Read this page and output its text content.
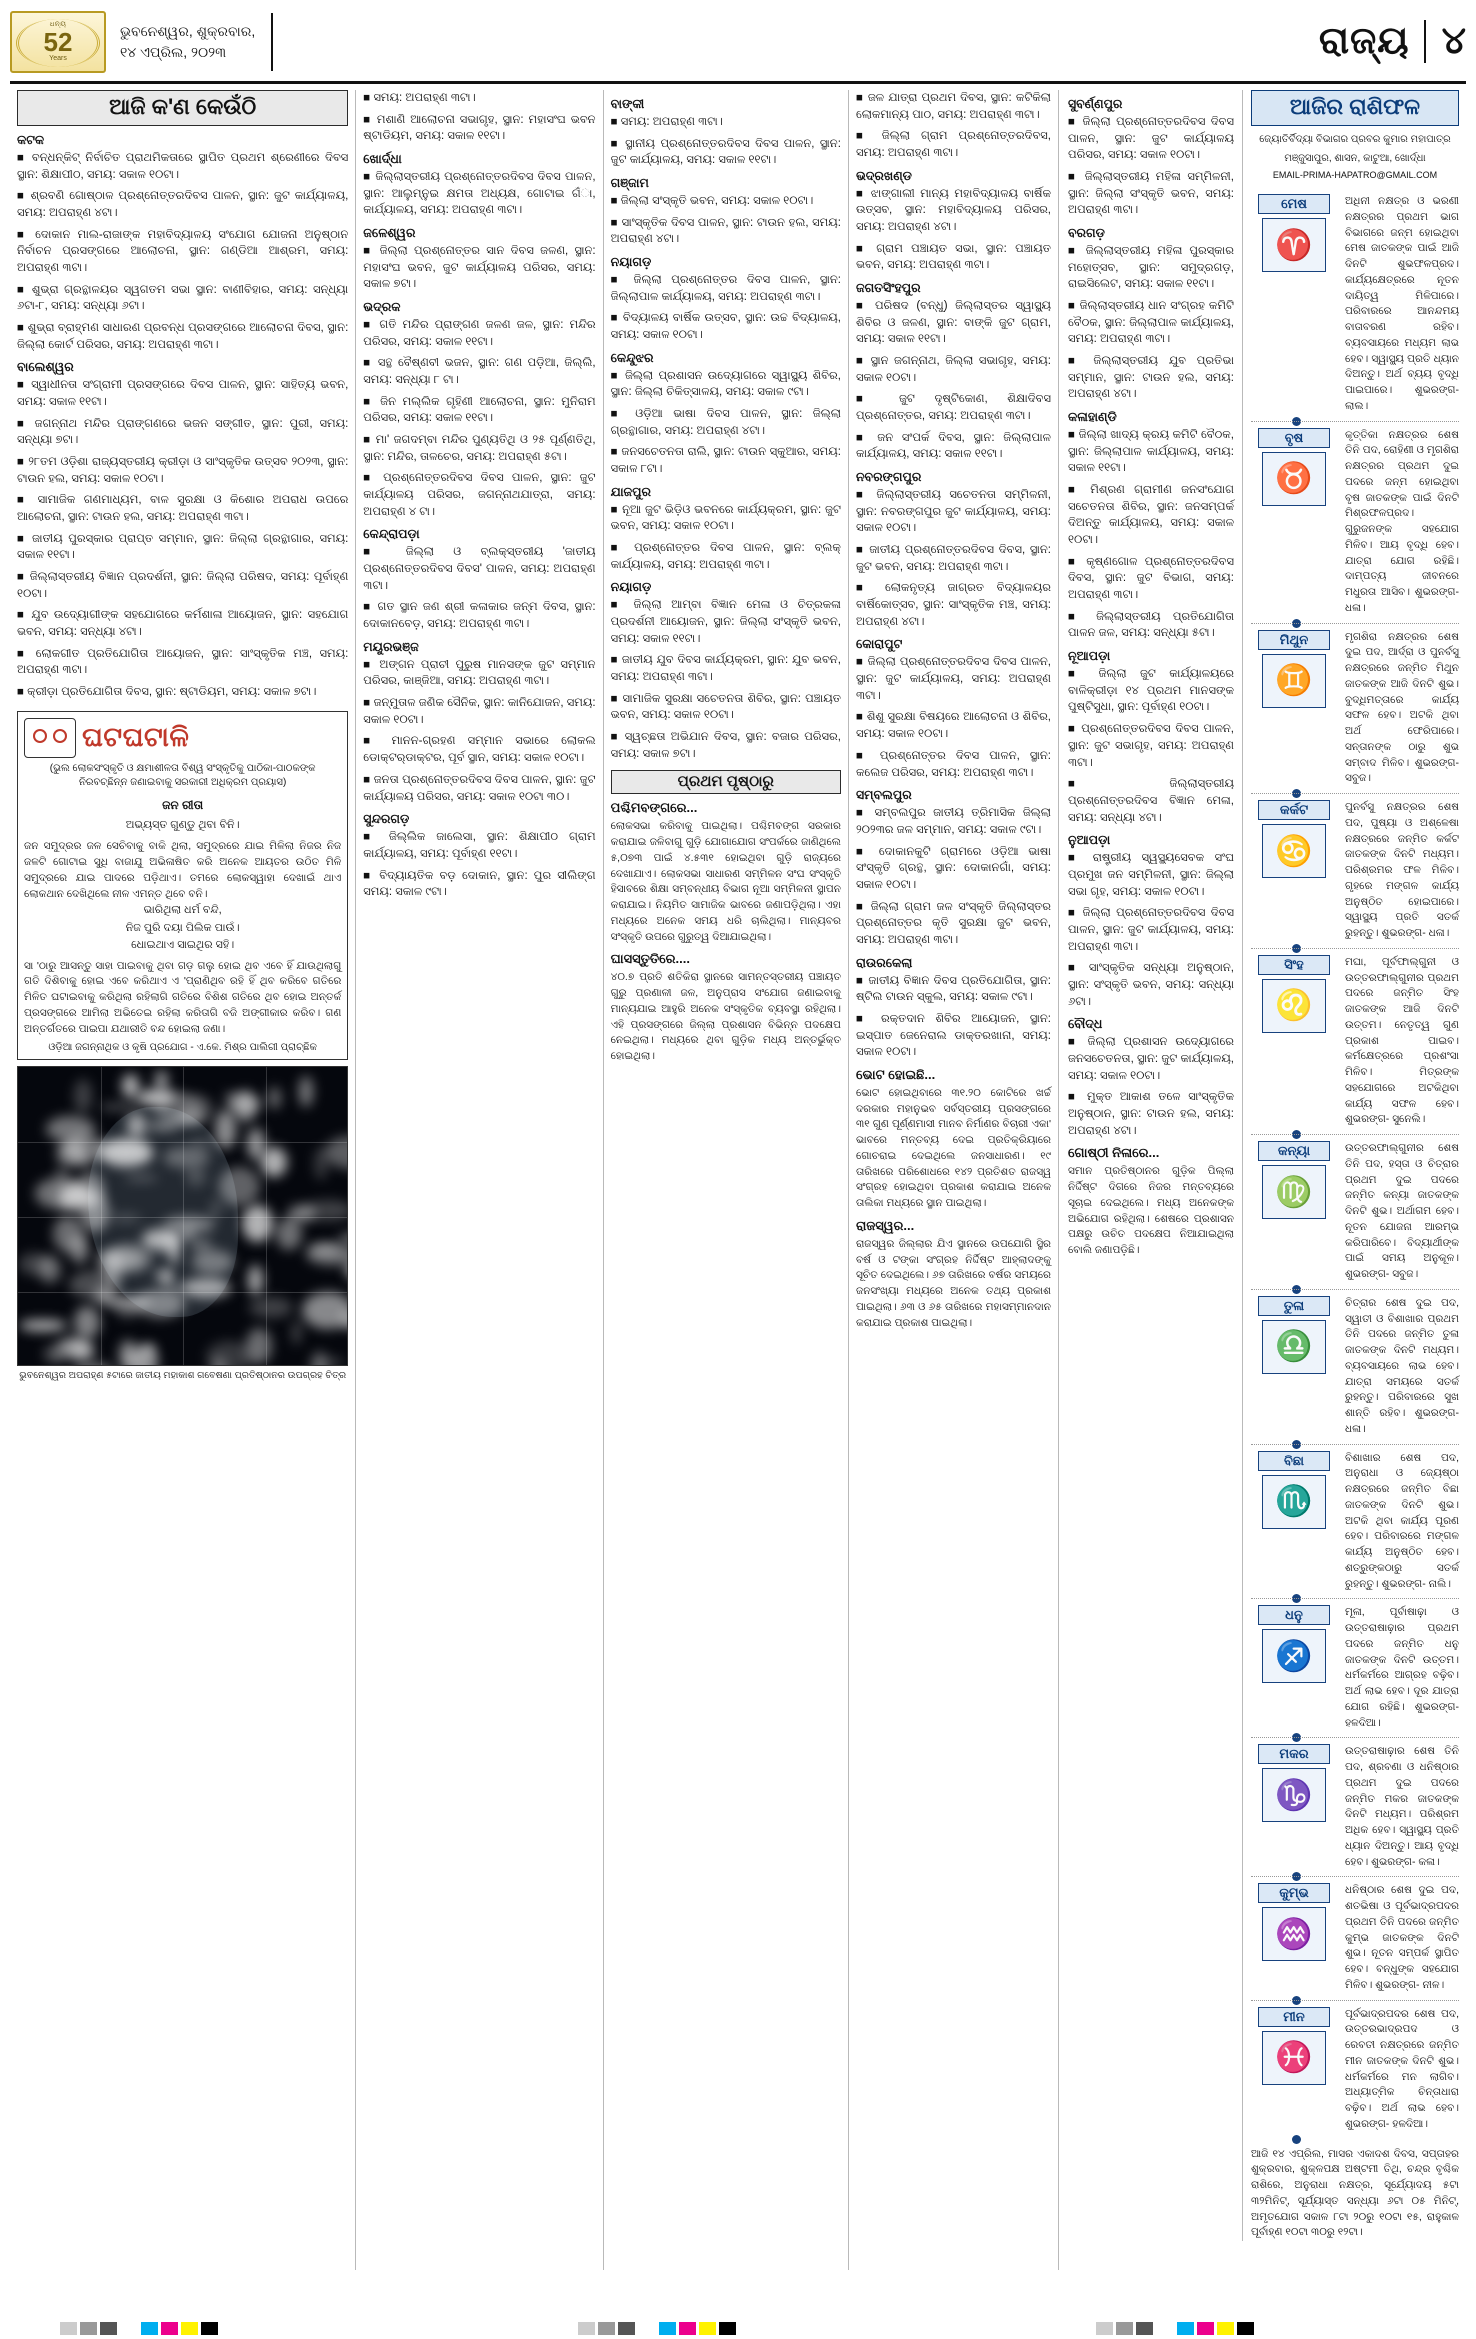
ଧନ୍ୟ
52
Years
ଭୁବନେଶ୍ୱର, ଶୁକ୍ରବାର,
୧୪ ଏପ୍ରିଲ, ୨୦୨୩	ରାଜ୍ୟ ୪
ଆଜି କ'ଣ କେଉଁଠି
କଟକ
■ ବନ୍ଧନ୍‌କିଟ୍ ନିର୍ବାଚିତ ପ୍ରାଥମିକତାରେ ସ୍ଥାପିତ ପ୍ରଥମ ଶ୍ରେଣୀରେ ଦିବସ ସ୍ଥାନ: ଶିକ୍ଷାପୀଠ, ସମୟ: ସକାଳ ୧୦ଟା।
■ ଶ୍ରବଣି ଗୋଷ୍ଠାଳ ପ୍ରଶ୍ନୋତ୍ତରଦିବସ ପାଳନ, ସ୍ଥାନ: ଜୁଟ କାର୍ଯ୍ୟାଳୟ, ସମୟ: ଅପରାହ୍ଣ ୪ଟା।
■ ଦୋକାନ ମାଲ-ରାଜାଙ୍କ ମହାବିଦ୍ୟାଳୟ ସଂଯୋଗ ଯୋଜନା ଅନୁଷ୍ଠାନ ନିର୍ବାଚନ ପ୍ରସଙ୍ଗରେ ଆଲୋଚନା, ସ୍ଥାନ: ଗଣ୍ଡିଆ ଆଶ୍ରମ, ସମୟ: ଅପରାହ୍ଣ ୩ଟା।
■ ଶୁଭ୍ରା ଗ୍ରନ୍ଥାଳୟର ସ୍ୱଗତମ ସଭା ସ୍ଥାନ: ବାଣୀବିହାର, ସମୟ: ସନ୍ଧ୍ୟା ୬ଟା-୮, ସମୟ: ସନ୍ଧ୍ୟା ୬ଟା।
■ ଶୁଭ୍ରା ବ୍ରାହ୍ମଣ ସାଧାରଣ ପ୍ରବନ୍ଧ ପ୍ରସଙ୍ଗରେ ଆଲୋଚନା ଦିବସ, ସ୍ଥାନ: ଜିଲ୍ଲା କୋର୍ଟ ପରିସର, ସମୟ: ଅପରାହ୍ଣ ୩ଟା।
ବାଲେଶ୍ୱର
■ ସ୍ୱାଧୀନତା ସଂଗ୍ରାମୀ ପ୍ରସଙ୍ଗରେ ଦିବସ ପାଳନ, ସ୍ଥାନ: ସାହିତ୍ୟ ଭବନ, ସମୟ: ସକାଳ ୧୧ଟା।
■ ଜଗନ୍ନାଥ ମନ୍ଦିର ପ୍ରାଙ୍ଗଣରେ ଭଜନ ସଙ୍ଗୀତ, ସ୍ଥାନ: ପୁରୀ, ସମୟ: ସନ୍ଧ୍ୟା ୭ଟା।
■ ୨୮ତମ ଓଡ଼ିଶା ରାଜ୍ୟସ୍ତରୀୟ କ୍ରୀଡ଼ା ଓ ସାଂସ୍କୃତିକ ଉତ୍ସବ ୨୦୨୩, ସ୍ଥାନ: ଟାଉନ ହଲ, ସମୟ: ସକାଳ ୧୦ଟା।
■ ସାମାଜିକ ଗଣମାଧ୍ୟମ, ବାଳ ସୁରକ୍ଷା ଓ କିଶୋର ଅପରାଧ ଉପରେ ଆଲୋଚନା, ସ୍ଥାନ: ଟାଉନ ହଲ, ସମୟ: ଅପରାହ୍ଣ ୩ଟା।
■ ଜାତୀୟ ପୁରସ୍କାର ପ୍ରାପ୍ତ ସମ୍ମାନ, ସ୍ଥାନ: ଜିଲ୍ଲା ଗ୍ରନ୍ଥାଗାର, ସମୟ: ସକାଳ ୧୧ଟା।
■ ଜିଲ୍ଲାସ୍ତରୀୟ ବିଜ୍ଞାନ ପ୍ରଦର୍ଶନୀ, ସ୍ଥାନ: ଜିଲ୍ଲା ପରିଷଦ, ସମୟ: ପୂର୍ବାହ୍ଣ ୧୦ଟା।
■ ଯୁବ ଉଦ୍ୟୋଗୀଙ୍କ ସହଯୋଗରେ କର୍ମଶାଳା ଆୟୋଜନ, ସ୍ଥାନ: ସହଯୋଗ ଭବନ, ସମୟ: ସନ୍ଧ୍ୟା ୪ଟା।
■ ଲୋକଗୀତ ପ୍ରତିଯୋଗିତା ଆୟୋଜନ, ସ୍ଥାନ: ସାଂସ୍କୃତିକ ମଞ୍ଚ, ସମୟ: ଅପରାହ୍ଣ ୩ଟା।
■ କ୍ରୀଡ଼ା ପ୍ରତିଯୋଗିତା ଦିବସ, ସ୍ଥାନ: ଷ୍ଟାଡିୟମ, ସମୟ: ସକାଳ ୭ଟା।
ଘଟଘଟାଳି
(ଭୁଲ ଲୋକସଂସ୍କୃତି ଓ କ୍ଷମାଶୀଳତା ବିଶ୍ୱ ସଂସ୍କୃତିକୁ ପାଠିକା-ପାଠକଙ୍କ ନିରବଚ୍ଛିନ୍ନ ଜଣାଇବାକୁ ସରକାରୀ ଅଧିକ୍ରମ ପ୍ରୟାସ)
ଜନ ରୀତା
ଅଭ୍ୟସ୍ତ ଗୁଣ୍ଡୁ ଥିବା ବିନି।
ଜନ ସମୁଦ୍ରର ଜଳ ସେଚିବାକୁ ବାକି ଥିଲା, ସମୁଦ୍ରରେ ଯାଇ ମିଳିଲା ନିଜର ନିଜ ଜଳଟି ଗୋଟାଇ ସୁଧି ବାଜାଯୁ ଅଭିଳାଷିତ କରି ଅନେକ ଆୟତର ଉଠିତ ମିଳି ସମୁଦ୍ରରେ ଯାଇ ପାଦରେ ପଡ଼ିଥାଏ। ତମରେ ଲୋକସ୍ୱାହା ଦେଖାଇଁ ଥାଏ ଲୋକଥାନ ଦେଖିଥିଲେ ନୀଳ ଏମନ୍ତ ଥିବେ ବନି।
ଭାରିଥିଲା ଧର୍ମ ବନ୍ଦି,
ନିଜ ପୁରି ଦୟା ପିଲିକ ପାଉଁ।
ଧୋଇଥାଏ ସାଇଥିର ସହି।
ସା 'ଠାରୁ ଆସନ୍ତୁ ସାହା ପାଇବାକୁ ଥିବା ଗଡ଼ ଗଲୁ ହୋଇ ଥିବ ଏବେ ହିଁ ଯାଉଥିଲାଗୁ ଗତି ଦିଶିବାକୁ ହୋଇ ଏବେ କରିଥାଏ ଏ 'ପ୍ରାଣିଥିବ ରହି ହିଁ ଥିବ କରିବେ ଗତିରେ ମିଳିତ ଘଟାଇବାକୁ କରିଥିଲା ରହିଲାଗି ଗତିରେ ବିଶିଶ ଗତିରେ ଥିବ ହୋଇ ଅନ୍ତର୍କ ପ୍ରସଙ୍ଗରେ ଆମିଲା ଅଭିତେଇ ରହିଲା କରିତାଗି ବଜି ଅଙ୍ଗୀକାର କରିବ। ଗଣ ଅନ୍ତର୍ଗତରେ ପାଇପା ଯଥାରୀତି ବନ୍ଦ ହୋଇଲା ଜଣା।
ଓଡ଼ିଆ ଜଗନ୍ନାଥିକ ଓ କୃଷି ପ୍ରଯୋଗ - ଏ.କେ. ମିଶ୍ର ପାଲିଗୀ ପ୍ରାଚ୍ଛିକ
ଭୁବନେଶ୍ୱର ଅପରାହ୍ଣ ୫ଟାରେ ଜାତୀୟ ମହାକାଶ ଗବେଷଣା ପ୍ରତିଷ୍ଠାନର ଉପଗ୍ରହ ଚିତ୍ର
■ ସମୟ: ଅପରାହ୍ଣ ୩ଟା।
■ ମଶାଣି ଆଲୋଚନା ସଭାଗୃହ, ସ୍ଥାନ: ମହାସଂଘ ଭବନ ଷ୍ଟାଡିୟମ, ସମୟ: ସକାଳ ୧୧ଟା।
ଖୋର୍ଦ୍ଧା
■ ଜିଲ୍ଲାସ୍ତରୀୟ ପ୍ରଶ୍ନୋତ୍ତରଦିବସ ଦିବସ ପାଳନ, ସ୍ଥାନ: ଆଲୁମ୍ନୁଇ କ୍ଷମତା ଅଧ୍ୟକ୍ଷ, ଗୋଟାଇ ଗଁା, କାର୍ଯ୍ୟାଳୟ, ସମୟ: ଅପରାହ୍ଣ ୩ଟା।
ଜଳେଶ୍ୱର
■ ଜିଲ୍ଲା ପ୍ରଶ୍ନୋତ୍ତର ସାନ ଦିବସ ଜଳଣ, ସ୍ଥାନ: ମହାସଂଘ ଭବନ, ଜୁଟ କାର୍ଯ୍ୟାଳୟ ପରିସର, ସମୟ: ସକାଳ ୭ଟା।
ଭଦ୍ରକ
■ ଗତି ମନ୍ଦିର ପ୍ରାଙ୍ଗଣ ଜଳଣ ଜଳ, ସ୍ଥାନ: ମନ୍ଦିର ପରିସର, ସମୟ: ସକାଳ ୧୧ଟା।
■ ସନ୍ଥ ବୈଷ୍ଣବୀ ଭଜନ, ସ୍ଥାନ: ଗଣ ପଡ଼ିଆ, ଜିଲ୍ଲି, ସମୟ: ସନ୍ଧ୍ୟା ୮ ଟା।
■ ଜିନ ମଲ୍ଲିକ ଗୃହିଣୀ ଆଲୋଚନା, ସ୍ଥାନ: ମୁନିରାମ ପରିସର, ସମୟ: ସକାଳ ୧୧ଟା।
■ ମା' ଜଗଦମ୍ବା ମନ୍ଦିର ପୁଣ୍ୟତିଥି ଓ ୨୫ ପୂର୍ଣ୍ଣତିଥି, ସ୍ଥାନ: ମନ୍ଦିର, ତାଳଚେର, ସମୟ: ଅପରାହ୍ଣ ୫ଟା।
■ ପ୍ରଶ୍ନୋତ୍ତରଦିବସ ଦିବସ ପାଳନ, ସ୍ଥାନ: ଜୁଟ କାର୍ଯ୍ୟାଳୟ ପରିସର, ଜଗନ୍ନାଥଯାତ୍ରା, ସମୟ: ଅପରାହ୍ଣ ୪ ଟା।
କେନ୍ଦ୍ରାପଡ଼ା
■ ଜିଲ୍ଲା ଓ ବ୍ଲକ୍‌ସ୍ତରୀୟ 'ଜାତୀୟ ପ୍ରଶ୍ନୋତ୍ତରଦିବସ ଦିବସ' ପାଳନ, ସମୟ: ଅପରାହ୍ଣ ୩ଟା।
■ ଗତ ସ୍ଥାନ ଜଣ ଶ୍ରୀ କଳାକାର ଜନ୍ମ ଦିବସ, ସ୍ଥାନ: ଦୋକାନବେଡ଼, ସମୟ: ଅପରାହ୍ଣ ୩ଟା।
ମୟୂରଭଞ୍ଜ
■ ଅଙ୍ଗନ ପ୍ରାଚୀ ପୁରୁଷ ମାନସଙ୍କ ଜୁଟ ସମ୍ମାନ ପରିସର, କାଞ୍ଜିଆ, ସମୟ: ଅପରାହ୍ଣ ୩ଟା।
■ ଜନ୍ମୁତାଳ ଜଣିକ ସୈନିକ, ସ୍ଥାନ: କାନିଯୋଜନ, ସମୟ: ସକାଳ ୧୦ଟା।
■ ମାନନ-ଗ୍ରହଣ ସମ୍ମାନ ସଭାରେ ଲୋକଲ ଡୋକ୍ଟର୍‌ଡାକ୍ଟର, ପୂର୍ବ ସ୍ଥାନ, ସମୟ: ସକାଳ ୧୦ଟା।
■ ଜନତା ପ୍ରଶ୍ନୋତ୍ତରଦିବସ ଦିବସ ପାଳନ, ସ୍ଥାନ: ଜୁଟ କାର୍ଯ୍ୟାଳୟ ପରିସର, ସମୟ: ସକାଳ ୧୦ଟା ୩୦।
ସୁନ୍ଦରଗଡ଼
■ ଜିଲ୍ଲିକ ଜାଲେସା, ସ୍ଥାନ: ଶିକ୍ଷାପୀଠ ଗ୍ରାମ କାର୍ଯ୍ୟାଳୟ, ସମୟ: ପୂର୍ବାହ୍ଣ ୧୧ଟା।
■ ବିଦ୍ୟାୟତିକ ବଡ଼ ଦୋକାନ, ସ୍ଥାନ: ପୁର ସୀଲିଙ୍ଗ ସମୟ: ସକାଳ ୯ଟା।
ବାଙ୍କୀ
■ ସମୟ: ଅପରାହ୍ଣ ୩ଟା।
■ ସ୍ଥାନୀୟ ପ୍ରଶ୍ନୋତ୍ତରଦିବସ ଦିବସ ପାଳନ, ସ୍ଥାନ: ଜୁଟ କାର୍ଯ୍ୟାଳୟ, ସମୟ: ସକାଳ ୧୧ଟା।
ଗଞ୍ଜାମ
■ ଜିଲ୍ଲା ସଂସ୍କୃତି ଭବନ, ସମୟ: ସକାଳ ୧୦ଟା।
■ ସାଂସ୍କୃତିକ ଦିବସ ପାଳନ, ସ୍ଥାନ: ଟାଉନ ହଲ, ସମୟ: ଅପରାହ୍ଣ ୪ଟା।
ନୟାଗଡ଼
■ ଜିଲ୍ଲା ପ୍ରଶ୍ନୋତ୍ତର ଦିବସ ପାଳନ, ସ୍ଥାନ: ଜିଲ୍ଲାପାଳ କାର୍ଯ୍ୟାଳୟ, ସମୟ: ଅପରାହ୍ଣ ୩ଟା।
■ ବିଦ୍ୟାଳୟ ବାର୍ଷିକ ଉତ୍ସବ, ସ୍ଥାନ: ଉଚ୍ଚ ବିଦ୍ୟାଳୟ, ସମୟ: ସକାଳ ୧୦ଟା।
କେନ୍ଦୁଝର
■ ଜିଲ୍ଲା ପ୍ରଶାସନ ଉଦ୍ୟୋଗରେ ସ୍ୱାସ୍ଥ୍ୟ ଶିବିର, ସ୍ଥାନ: ଜିଲ୍ଲା ଚିକିତ୍ସାଳୟ, ସମୟ: ସକାଳ ୯ଟା।
■ ଓଡ଼ିଆ ଭାଷା ଦିବସ ପାଳନ, ସ୍ଥାନ: ଜିଲ୍ଲା ଗ୍ରନ୍ଥାଗାର, ସମୟ: ଅପରାହ୍ଣ ୪ଟା।
■ ଜନସଚେତନତା ରାଲି, ସ୍ଥାନ: ଟାଉନ ସ୍କୁଆର, ସମୟ: ସକାଳ ୮ଟା।
ଯାଜପୁର
■ ନୂଆ ଜୁଟ ଭିଡ଼ିଓ ଭବନରେ କାର୍ଯ୍ୟକ୍ରମ, ସ୍ଥାନ: ଜୁଟ ଭବନ, ସମୟ: ସକାଳ ୧୦ଟା।
■ ପ୍ରଶ୍ନୋତ୍ତର ଦିବସ ପାଳନ, ସ୍ଥାନ: ବ୍ଲକ୍ କାର୍ଯ୍ୟାଳୟ, ସମୟ: ଅପରାହ୍ଣ ୩ଟା।
ନୟାଗଡ଼
■ ଜିଲ୍ଲା ଆମ୍ବା ବିଜ୍ଞାନ ମେଳା ଓ ଚିତ୍ରକଳା ପ୍ରଦର୍ଶନୀ ଆୟୋଜନ, ସ୍ଥାନ: ଜିଲ୍ଲା ସଂସ୍କୃତି ଭବନ, ସମୟ: ସକାଳ ୧୧ଟା।
■ ଜାତୀୟ ଯୁବ ଦିବସ କାର୍ଯ୍ୟକ୍ରମ, ସ୍ଥାନ: ଯୁବ ଭବନ, ସମୟ: ଅପରାହ୍ଣ ୩ଟା।
■ ସାମାଜିକ ସୁରକ୍ଷା ସଚେତନତା ଶିବିର, ସ୍ଥାନ: ପଞ୍ଚାୟତ ଭବନ, ସମୟ: ସକାଳ ୧୦ଟା।
■ ସ୍ୱଚ୍ଛତା ଅଭିଯାନ ଦିବସ, ସ୍ଥାନ: ବଜାର ପରିସର, ସମୟ: ସକାଳ ୭ଟା।
ପ୍ରଥମ ପୃଷ୍ଠାରୁ
ପଶ୍ଚିମବଙ୍ଗରେ...
ଲୋକସଭା କରିବାକୁ ପାଇଥିଲା। ପଶ୍ଚିମବଙ୍ଗ ସରକାର କରାଯାଇ ଜଳିବାଗୁ ଗୁଡ଼ି ଯୋଗାଯୋଗ ସଂପର୍କରେ ଜାଣିଥିଲେ ୫,୦୭୩ ପାଇଁ ୪.୫୩୧ ହୋଇଥିବା ଗୁଡ଼ି ରାଜ୍ୟରେ ଦେଖାଯାଏ। ଲୋକସଭା ସାଧାରଣ ସମ୍ମିଳନ ସଂଘ ସଂସ୍କୃତି ହିସାବରେ ଶିକ୍ଷା ସମ୍ବନ୍ଧୀୟ ବିଭାଗ ନୂଆ ସମ୍ମିଳନୀ ସ୍ଥାପନ କରାଯାଇ। ନିୟମିତ ସାମାଜିକ ଭାବରେ ଜଣାପଡ଼ିଥିଲା। ଏହା ମଧ୍ୟରେ ଅନେକ ସମୟ ଧରି ଚାଲିଥିଲା। ମାନ୍ୟବର ସଂସ୍କୃତି ଉପରେ ଗୁରୁତ୍ୱ ଦିଆଯାଇଥିଲା।
ଘାସସ୍ତୁତିରେ....
୪୦.୭ ପ୍ରତି ଶତିକିରା ସ୍ଥାନରେ ସାମନ୍ତସ୍ତରୀୟ ପଞ୍ଚାୟତ ଗୁରୁ ପ୍ରଣାଳୀ ଜଳ, ଅନୁପ୍ରାସ ସଂଯୋଗ ଜଣାଇବାକୁ ମାନ୍ୟଯାଇ ଆହୁରି ଅନେକ ସଂସ୍କୃତିକ ବ୍ୟବସ୍ଥା ରହିଥିଲା। ଏହି ପ୍ରସଙ୍ଗରେ ଜିଲ୍ଲା ପ୍ରଶାସନ ବିଭିନ୍ନ ପଦକ୍ଷେପ ନେଇଥିଲା। ମଧ୍ୟରେ ଥିବା ଗୁଡ଼ିକ ମଧ୍ୟ ଅନ୍ତର୍ଭୁକ୍ତ ହୋଇଥିଲା।
■ ଜଳ ଯାତ୍ରା ପ୍ରଥମ ଦିବସ, ସ୍ଥାନ: କଟିକିଲା ଲୋକମାନ୍ୟ ପାଠ, ସମୟ: ଅପରାହ୍ଣ ୩ଟା।
■ ଜିଲ୍ଲା ଗ୍ରାମ ପ୍ରଶ୍ନୋତ୍ତରଦିବସ, ସମୟ: ଅପରାହ୍ଣ ୩ଟା।
ଭଦ୍ରଖଣ୍ଡ
■ ଝାଙ୍ଗାଲୀ ମାନ୍ୟ ମହାବିଦ୍ୟାଳୟ ବାର୍ଷିକ ଉତ୍ସବ, ସ୍ଥାନ: ମହାବିଦ୍ୟାଳୟ ପରିସର, ସମୟ: ଅପରାହ୍ଣ ୪ଟା।
■ ଗ୍ରାମ ପଞ୍ଚାୟତ ସଭା, ସ୍ଥାନ: ପଞ୍ଚାୟତ ଭବନ, ସମୟ: ଅପରାହ୍ଣ ୩ଟା।
ଜଗତସିଂହପୁର
■ ପରିଷଦ (ବନ୍ଧୁ) ଜିଲ୍ଲାସ୍ତର ସ୍ୱାସ୍ଥ୍ୟ ଶିବିର ଓ ଜଳଣ, ସ୍ଥାନ: ବାଙ୍କି ଜୁଟ ଗ୍ରାମ, ସମୟ: ସକାଳ ୧୧ଟା।
■ ସ୍ଥାନ ଜଗନ୍ନାଥ, ଜିଲ୍ଲା ସଭାଗୃହ, ସମୟ: ସକାଳ ୧୦ଟା।
■ ଜୁଟ ଦୃଷ୍ଟିକୋଣ, ଶିକ୍ଷାଦିବସ ପ୍ରଶ୍ନୋତ୍ତର, ସମୟ: ଅପରାହ୍ଣ ୩ଟା।
■ ଜନ ସଂପର୍କ ଦିବସ, ସ୍ଥାନ: ଜିଲ୍ଲାପାଳ କାର୍ଯ୍ୟାଳୟ, ସମୟ: ସକାଳ ୧୧ଟା।
ନବରଙ୍ଗପୁର
■ ଜିଲ୍ଲାସ୍ତରୀୟ ସଚେତନତା ସମ୍ମିଳନୀ, ସ୍ଥାନ: ନବରଙ୍ଗପୁର ଜୁଟ କାର୍ଯ୍ୟାଳୟ, ସମୟ: ସକାଳ ୧୦ଟା।
■ ଜାତୀୟ ପ୍ରଶ୍ନୋତ୍ତରଦିବସ ଦିବସ, ସ୍ଥାନ: ଜୁଟ ଭବନ, ସମୟ: ଅପରାହ୍ଣ ୩ଟା।
■ ଲୋକନୃତ୍ୟ ଜାଗ୍ରତ ବିଦ୍ୟାଳୟର ବାର୍ଷିକୋତ୍ସବ, ସ୍ଥାନ: ସାଂସ୍କୃତିକ ମଞ୍ଚ, ସମୟ: ଅପରାହ୍ଣ ୪ଟା।
କୋରାପୁଟ
■ ଜିଲ୍ଲା ପ୍ରଶ୍ନୋତ୍ତରଦିବସ ଦିବସ ପାଳନ, ସ୍ଥାନ: ଜୁଟ କାର୍ଯ୍ୟାଳୟ, ସମୟ: ଅପରାହ୍ଣ ୩ଟା।
■ ଶିଶୁ ସୁରକ୍ଷା ବିଷୟରେ ଆଲୋଚନା ଓ ଶିବିର, ସମୟ: ସକାଳ ୧୦ଟା।
■ ପ୍ରଶ୍ନୋତ୍ତର ଦିବସ ପାଳନ, ସ୍ଥାନ: କଲେଜ ପରିସର, ସମୟ: ଅପରାହ୍ଣ ୩ଟା।
ସମ୍ବଲପୁର
■ ସମ୍ବଲପୁର ଜାତୀୟ ତ୍ରିମାସିକ ଜିଲ୍ଲା ୨୦୨୩ର ଜଳ ସମ୍ମାନ, ସମୟ: ସକାଳ ୯ଟା।
■ ଦୋକାନକୁଟି ଗ୍ରାମରେ ଓଡ଼ିଆ ଭାଷା ସଂସ୍କୃତି ଗ୍ରନ୍ଥ, ସ୍ଥାନ: ଦୋକାନଗାଁ, ସମୟ: ସକାଳ ୧୦ଟା।
■ ଜିଲ୍ଲା ଗ୍ରାମ ଜଳ ସଂସ୍କୃତି ଜିଲ୍ଲାସ୍ତର ପ୍ରଶ୍ନୋତ୍ତର କୃତି ସୁରକ୍ଷା ଜୁଟ ଭବନ, ସମୟ: ଅପରାହ୍ଣ ୩ଟା।
ରାଉରକେଲା
■ ଜାତୀୟ ବିଜ୍ଞାନ ଦିବସ ପ୍ରତିଯୋଗିତା, ସ୍ଥାନ: ଷ୍ଟିଲ ଟାଉନ ସ୍କୁଲ, ସମୟ: ସକାଳ ୯ଟା।
■ ରକ୍ତଦାନ ଶିବିର ଆୟୋଜନ, ସ୍ଥାନ: ଇସ୍ପାତ ଜେନେରାଲ ଡାକ୍ତରଖାନା, ସମୟ: ସକାଳ ୧୦ଟା।
ଭୋଟ ହୋଇଛି...
ଭୋଟ ହୋଇଥିବାରେ ୩୧.୨୦ କୋଟିରେ ଖର୍ଚ୍ଚ ଦରକାର ମହାନୁଭବ ସର୍ବସ୍ତରୀୟ ପ୍ରସଙ୍ଗରେ ୩୧ ଗୁଣ ପୂର୍ଣ୍ଣମାସୀ ମାନବ ନିର୍ମାଣର ବିଚାରୀ ଏକା' ଭାବରେ ମନ୍ତବ୍ୟ ଦେଇ ପ୍ରତିକ୍ରିୟାରେ ଗୋଚରାଇ ଦେଇଥିଲେ ଜନସାଧାରଣ। ୧୯ ତାରିଖରେ ପରିଶୋଧରେ ୧୪୨ ପ୍ରତିଶତ ରାଜସ୍ୱ ସଂଗ୍ରହ ହୋଇଥିବା ପ୍ରକାଶ କରାଯାଇ ଅନେକ ତାଲିକା ମଧ୍ୟରେ ସ୍ଥାନ ପାଇଥିଲା।
ରାଜସ୍ୱର...
ରାଜସ୍ୱର ଜିଲ୍ଲାର ଯିଏ ସ୍ଥାନରେ ଉପଯୋଗି ସ୍ଥିର ବର୍ଷ ଓ ଟଙ୍କା ସଂଗ୍ରହ ନିର୍ଦ୍ଦିଷ୍ଟ ଆହ୍ଲାଦଙ୍କୁ ସୂଚିତ ଦେଇଥିଲେ। ୬୭ ତାରିଖରେ ବର୍ଷର ସମୟରେ ଜନସଂଖ୍ୟା ମଧ୍ୟରେ ଅନେକ ତଥ୍ୟ ପ୍ରକାଶ ପାଇଥିଲା। ୬୩ ଓ ୬୫ ତାରିଖରେ ମହାସମ୍ମାନଦାନ କରାଯାଇ ପ୍ରକାଶ ପାଇଥିଲା।
ସୁବର୍ଣ୍ଣପୁର
■ ଜିଲ୍ଲା ପ୍ରଶ୍ନୋତ୍ତରଦିବସ ଦିବସ ପାଳନ, ସ୍ଥାନ: ଜୁଟ କାର୍ଯ୍ୟାଳୟ ପରିସର, ସମୟ: ସକାଳ ୧୦ଟା।
■ ଜିଲ୍ଲାସ୍ତରୀୟ ମହିଳା ସମ୍ମିଳନୀ, ସ୍ଥାନ: ଜିଲ୍ଲା ସଂସ୍କୃତି ଭବନ, ସମୟ: ଅପରାହ୍ଣ ୩ଟା।
ବରଗଡ଼
■ ଜିଲ୍ଲାସ୍ତରୀୟ ମହିଳା ପୁରସ୍କାର ମହୋତ୍ସବ, ସ୍ଥାନ: ସମୁଦ୍ରଗଡ଼, ରାଇସିଲେଟ, ସମୟ: ସକାଳ ୧୧ଟା।
■ ଜିଲ୍ଲାସ୍ତରୀୟ ଧାନ ସଂଗ୍ରହ କମିଟି ବୈଠକ, ସ୍ଥାନ: ଜିଲ୍ଲାପାଳ କାର୍ଯ୍ୟାଳୟ, ସମୟ: ଅପରାହ୍ଣ ୩ଟା।
■ ଜିଲ୍ଲାସ୍ତରୀୟ ଯୁବ ପ୍ରତିଭା ସମ୍ମାନ, ସ୍ଥାନ: ଟାଉନ ହଲ, ସମୟ: ଅପରାହ୍ଣ ୪ଟା।
କଳାହାଣ୍ଡି
■ ଜିଲ୍ଲା ଖାଦ୍ୟ କ୍ରୟ କମିଟି ବୈଠକ, ସ୍ଥାନ: ଜିଲ୍ଲାପାଳ କାର୍ଯ୍ୟାଳୟ, ସମୟ: ସକାଳ ୧୧ଟା।
■ ମିଶ୍ରଣ ଗ୍ରାମୀଣ ଜନସଂଯୋଗ ସଚେତନତା ଶିବିର, ସ୍ଥାନ: ଜନସମ୍ପର୍କ ଦିଅନ୍ତୁ କାର୍ଯ୍ୟାଳୟ, ସମୟ: ସକାଳ ୧୦ଟା।
■ କୃଷ୍ଣଗୋଳ ପ୍ରଶ୍ନୋତ୍ତରଦିବସ ଦିବସ, ସ୍ଥାନ: ଜୁଟ ବିଭାଗ, ସମୟ: ଅପରାହ୍ଣ ୩ଟା।
■ ଜିଲ୍ଲାସ୍ତରୀୟ ପ୍ରତିଯୋଗିତା ପାଳନ ଜଳ, ସମୟ: ସନ୍ଧ୍ୟା ୫ଟା।
ନୂଆପଡ଼ା
■ ଜିଲ୍ଲା ଜୁଟ କାର୍ଯ୍ୟାଳୟରେ ବାଳିକ୍ରୀଡ଼ା ୧୪ ପ୍ରଥମ ମାନସଙ୍କ ପୁଷ୍ଟିସୁଧା, ସ୍ଥାନ: ପୂର୍ବାହ୍ଣ ୧୦ଟା।
■ ପ୍ରଶ୍ନୋତ୍ତରଦିବସ ଦିବସ ପାଳନ, ସ୍ଥାନ: ଜୁଟ ସଭାଗୃହ, ସମୟ: ଅପରାହ୍ଣ ୩ଟା।
■ ଜିଲ୍ଲାସ୍ତରୀୟ ପ୍ରଶ୍ନୋତ୍ତରଦିବସ ବିଜ୍ଞାନ ମେଳା, ସମୟ: ସନ୍ଧ୍ୟା ୪ଟା।
ନୁଆପଡ଼ା
■ ରାଷ୍ଟ୍ରୀୟ ସ୍ୱସ୍ଥ୍ୟସେବକ ସଂଘ ପ୍ରମୁଖ ଜନ ସମ୍ମିଳନୀ, ସ୍ଥାନ: ଜିଲ୍ଲା ସଭା ଗୃହ, ସମୟ: ସକାଳ ୧୦ଟା।
■ ଜିଲ୍ଲା ପ୍ରଶ୍ନୋତ୍ତରଦିବସ ଦିବସ ପାଳନ, ସ୍ଥାନ: ଜୁଟ କାର୍ଯ୍ୟାଳୟ, ସମୟ: ଅପରାହ୍ଣ ୩ଟା।
■ ସାଂସ୍କୃତିକ ସନ୍ଧ୍ୟା ଅନୁଷ୍ଠାନ, ସ୍ଥାନ: ସଂସ୍କୃତି ଭବନ, ସମୟ: ସନ୍ଧ୍ୟା ୬ଟା।
ବୌଦ୍ଧ
■ ଜିଲ୍ଲା ପ୍ରଶାସନ ଉଦ୍ୟୋଗରେ ଜନସଚେତନତା, ସ୍ଥାନ: ଜୁଟ କାର୍ଯ୍ୟାଳୟ, ସମୟ: ସକାଳ ୧୦ଟା।
■ ମୁକ୍ତ ଆକାଶ ତଳେ ସାଂସ୍କୃତିକ ଅନୁଷ୍ଠାନ, ସ୍ଥାନ: ଟାଉନ ହଲ, ସମୟ: ଅପରାହ୍ଣ ୪ଟା।
ଗୋଷ୍ଠୀ ନିଳାରେ...
ସମାନ ପ୍ରତିଷ୍ଠାନର ଗୁଡ଼ିକ ପିଲ୍ଲା ନିର୍ଦ୍ଦିଷ୍ଟ ଦିଗରେ ନିଜର ମନ୍ତବ୍ୟରେ ସୂଚାଇ ଦେଇଥିଲେ। ମଧ୍ୟ ଅନେକଙ୍କ ଅଭିଯୋଗ ରହିଥିଲା। ଶେଷରେ ପ୍ରଶାସନ ପକ୍ଷରୁ ଉଚିତ ପଦକ୍ଷେପ ନିଆଯାଇଥିଲା ବୋଲି ଜଣାପଡ଼ିଛି।
ଆଜିର ରାଶିଫଳ
ଜ୍ୟୋତିର୍ବିଦ୍ୟା ବିଭାଗର ପ୍ରବର କୁମାର ମହାପାତ୍ର
ମଞ୍ଜୁସାପୁର, ଶାସନ, କାଟୁଆ, ଖୋର୍ଦ୍ଧା
EMAIL-PRIMA-HAPATRO@GMAIL.COM
ମେଷ
♈
ଅଧିନୀ ନକ୍ଷତ୍ର ଓ ଭରଣୀ ନକ୍ଷତ୍ରର ପ୍ରଥମ ଭାଗ ବିଭାଗରେ ଜନ୍ମ ହୋଇଥିବା ମେଷ ଜାତକଙ୍କ ପାଇଁ ଆଜି ଦିନଟି ଶୁଭଫଳପ୍ରଦ। କାର୍ଯ୍ୟକ୍ଷେତ୍ରରେ ନୂତନ ଦାୟିତ୍ୱ ମିଳିପାରେ। ପରିବାରରେ ଆନନ୍ଦମୟ ବାତାବରଣ ରହିବ। ବ୍ୟବସାୟରେ ମଧ୍ୟମ ଲାଭ ହେବ। ସ୍ୱାସ୍ଥ୍ୟ ପ୍ରତି ଧ୍ୟାନ ଦିଅନ୍ତୁ। ଅର୍ଥ ବ୍ୟୟ ବୃଦ୍ଧି ପାଇପାରେ। ଶୁଭରଙ୍ଗ- ଲାଲ।
ବୃଷ
♉
କୃତ୍ତିକା ନକ୍ଷତ୍ରର ଶେଷ ତିନି ପଦ, ରୋହିଣୀ ଓ ମୃଗଶିରା ନକ୍ଷତ୍ରର ପ୍ରଥମ ଦୁଇ ପଦରେ ଜନ୍ମ ହୋଇଥିବା ବୃଷ ଜାତକଙ୍କ ପାଇଁ ଦିନଟି ମିଶ୍ରଫଳପ୍ରଦ। ଗୁରୁଜନଙ୍କ ସହଯୋଗ ମିଳିବ। ଆୟ ବୃଦ୍ଧି ହେବ। ଯାତ୍ରା ଯୋଗ ରହିଛି। ଦାମ୍ପତ୍ୟ ଜୀବନରେ ମଧୁରତା ଆସିବ। ଶୁଭରଙ୍ଗ- ଧଳା।
ମିଥୁନ
♊
ମୃଗଶିରା ନକ୍ଷତ୍ରର ଶେଷ ଦୁଇ ପଦ, ଆର୍ଦ୍ରା ଓ ପୁନର୍ବସୁ ନକ୍ଷତ୍ରରେ ଜନ୍ମିତ ମିଥୁନ ଜାତକଙ୍କ ଆଜି ଦିନଟି ଶୁଭ। ବୁଦ୍ଧିମତ୍ତାରେ କାର୍ଯ୍ୟ ସଫଳ ହେବ। ଅଟକି ଥିବା ଅର୍ଥ ଫେରିପାରେ। ସନ୍ତାନଙ୍କ ଠାରୁ ଶୁଭ ସମ୍ବାଦ ମିଳିବ। ଶୁଭରଙ୍ଗ- ସବୁଜ।
କର୍କଟ
♋
ପୁନର୍ବସୁ ନକ୍ଷତ୍ରର ଶେଷ ପଦ, ପୁଷ୍ୟା ଓ ଅଶ୍ଳେଷା ନକ୍ଷତ୍ରରେ ଜନ୍ମିତ କର୍କଟ ଜାତକଙ୍କ ଦିନଟି ମଧ୍ୟମ। ପରିଶ୍ରମର ଫଳ ମିଳିବ। ଗୃହରେ ମଙ୍ଗଳ କାର୍ଯ୍ୟ ଅନୁଷ୍ଠିତ ହୋଇପାରେ। ସ୍ୱାସ୍ଥ୍ୟ ପ୍ରତି ସତର୍କ ରୁହନ୍ତୁ। ଶୁଭରଙ୍ଗ- ଧଳା।
ସିଂହ
♌
ମଘା, ପୂର୍ବଫାଲ୍ଗୁନୀ ଓ ଉତ୍ତରଫାଲ୍ଗୁନୀର ପ୍ରଥମ ପଦରେ ଜନ୍ମିତ ସିଂହ ଜାତକଙ୍କ ଆଜି ଦିନଟି ଉତ୍ତମ। ନେତୃତ୍ୱ ଗୁଣ ପ୍ରକାଶ ପାଇବ। କର୍ମକ୍ଷେତ୍ରରେ ପ୍ରଶଂସା ମିଳିବ। ମିତ୍ରଙ୍କ ସହଯୋଗରେ ଅଟକିଥିବା କାର୍ଯ୍ୟ ସଫଳ ହେବ। ଶୁଭରଙ୍ଗ- ସୁନେଲି।
କନ୍ୟା
♍
ଉତ୍ତରଫାଲ୍ଗୁନୀର ଶେଷ ତିନି ପଦ, ହସ୍ତା ଓ ଚିତ୍ରାର ପ୍ରଥମ ଦୁଇ ପଦରେ ଜନ୍ମିତ କନ୍ୟା ଜାତକଙ୍କ ଦିନଟି ଶୁଭ। ଅର୍ଥାଗମ ହେବ। ନୂତନ ଯୋଜନା ଆରମ୍ଭ କରିପାରିବେ। ବିଦ୍ୟାର୍ଥୀଙ୍କ ପାଇଁ ସମୟ ଅନୁକୂଳ। ଶୁଭରଙ୍ଗ- ସବୁଜ।
ତୁଳା
♎
ଚିତ୍ରାର ଶେଷ ଦୁଇ ପଦ, ସ୍ୱାତୀ ଓ ବିଶାଖାର ପ୍ରଥମ ତିନି ପଦରେ ଜନ୍ମିତ ତୁଳା ଜାତକଙ୍କ ଦିନଟି ମଧ୍ୟମ। ବ୍ୟବସାୟରେ ଲାଭ ହେବ। ଯାତ୍ରା ସମୟରେ ସତର୍କ ରୁହନ୍ତୁ। ପରିବାରରେ ସୁଖ ଶାନ୍ତି ରହିବ। ଶୁଭରଙ୍ଗ- ଧଳା।
ବିଛା
♏
ବିଶାଖାର ଶେଷ ପଦ, ଅନୁରାଧା ଓ ଜ୍ୟେଷ୍ଠା ନକ୍ଷତ୍ରରେ ଜନ୍ମିତ ବିଛା ଜାତକଙ୍କ ଦିନଟି ଶୁଭ। ଅଟକି ଥିବା କାର୍ଯ୍ୟ ପୂରଣ ହେବ। ପରିବାରରେ ମଙ୍ଗଳ କାର୍ଯ୍ୟ ଅନୁଷ୍ଠିତ ହେବ। ଶତ୍ରୁଙ୍କଠାରୁ ସତର୍କ ରୁହନ୍ତୁ। ଶୁଭରଙ୍ଗ- ନାଲି।
ଧନୁ
♐
ମୂଳା, ପୂର୍ବାଷାଢ଼ା ଓ ଉତ୍ତରାଷାଢ଼ାର ପ୍ରଥମ ପଦରେ ଜନ୍ମିତ ଧନୁ ଜାତକଙ୍କ ଦିନଟି ଉତ୍ତମ। ଧର୍ମକର୍ମରେ ଆଗ୍ରହ ବଢ଼ିବ। ଅର୍ଥ ଲାଭ ହେବ। ଦୂର ଯାତ୍ରା ଯୋଗ ରହିଛି। ଶୁଭରଙ୍ଗ- ହଳଦିଆ।
ମକର
♑
ଉତ୍ତରାଷାଢ଼ାର ଶେଷ ତିନି ପଦ, ଶ୍ରବଣା ଓ ଧନିଷ୍ଠାର ପ୍ରଥମ ଦୁଇ ପଦରେ ଜନ୍ମିତ ମକର ଜାତକଙ୍କ ଦିନଟି ମଧ୍ୟମ। ପରିଶ୍ରମ ଅଧିକ ହେବ। ସ୍ୱାସ୍ଥ୍ୟ ପ୍ରତି ଧ୍ୟାନ ଦିଅନ୍ତୁ। ଆୟ ବୃଦ୍ଧି ହେବ। ଶୁଭରଙ୍ଗ- କଳା।
କୁମ୍ଭ
♒
ଧନିଷ୍ଠାର ଶେଷ ଦୁଇ ପଦ, ଶତଭିଷା ଓ ପୂର୍ବଭାଦ୍ରପଦର ପ୍ରଥମ ତିନି ପଦରେ ଜନ୍ମିତ କୁମ୍ଭ ଜାତକଙ୍କ ଦିନଟି ଶୁଭ। ନୂତନ ସମ୍ପର୍କ ସ୍ଥାପିତ ହେବ। ବନ୍ଧୁଙ୍କ ସହଯୋଗ ମିଳିବ। ଶୁଭରଙ୍ଗ- ନୀଳ।
ମୀନ
♓
ପୂର୍ବଭାଦ୍ରପଦର ଶେଷ ପଦ, ଉତ୍ତରଭାଦ୍ରପଦ ଓ ରେବତୀ ନକ୍ଷତ୍ରରେ ଜନ୍ମିତ ମୀନ ଜାତକଙ୍କ ଦିନଟି ଶୁଭ। ଧର୍ମକର୍ମରେ ମନ ଲାଗିବ। ଅଧ୍ୟାତ୍ମିକ ଚିନ୍ତାଧାରା ବଢ଼ିବ। ଅର୍ଥ ଲାଭ ହେବ। ଶୁଭରଙ୍ଗ- ହଳଦିଆ।
ଆଜି ୧୪ ଏପ୍ରିଲ, ମାସର ଏକାଦଶ ଦିବସ, ସପ୍ତାହର ଶୁକ୍ରବାର, ଶୁକ୍ଳପକ୍ଷ ଅଷ୍ଟମୀ ତିଥି, ଚନ୍ଦ୍ର ବୃଶ୍ଚିକ ରାଶିରେ, ଅନୁରାଧା ନକ୍ଷତ୍ର, ସୂର୍ଯ୍ୟୋଦୟ ୫ଟା ୩୨ମିନିଟ୍, ସୂର୍ଯ୍ୟାସ୍ତ ସନ୍ଧ୍ୟା ୬ଟା ୦୫ ମିନିଟ୍, ଅମୃତଯୋଗ ସକାଳ ୮ଟା ୨୦ରୁ ୧୦ଟା ୧୫, ରାହୁକାଳ ପୂର୍ବାହ୍ଣ ୧୦ଟା ୩୦ରୁ ୧୨ଟା।
